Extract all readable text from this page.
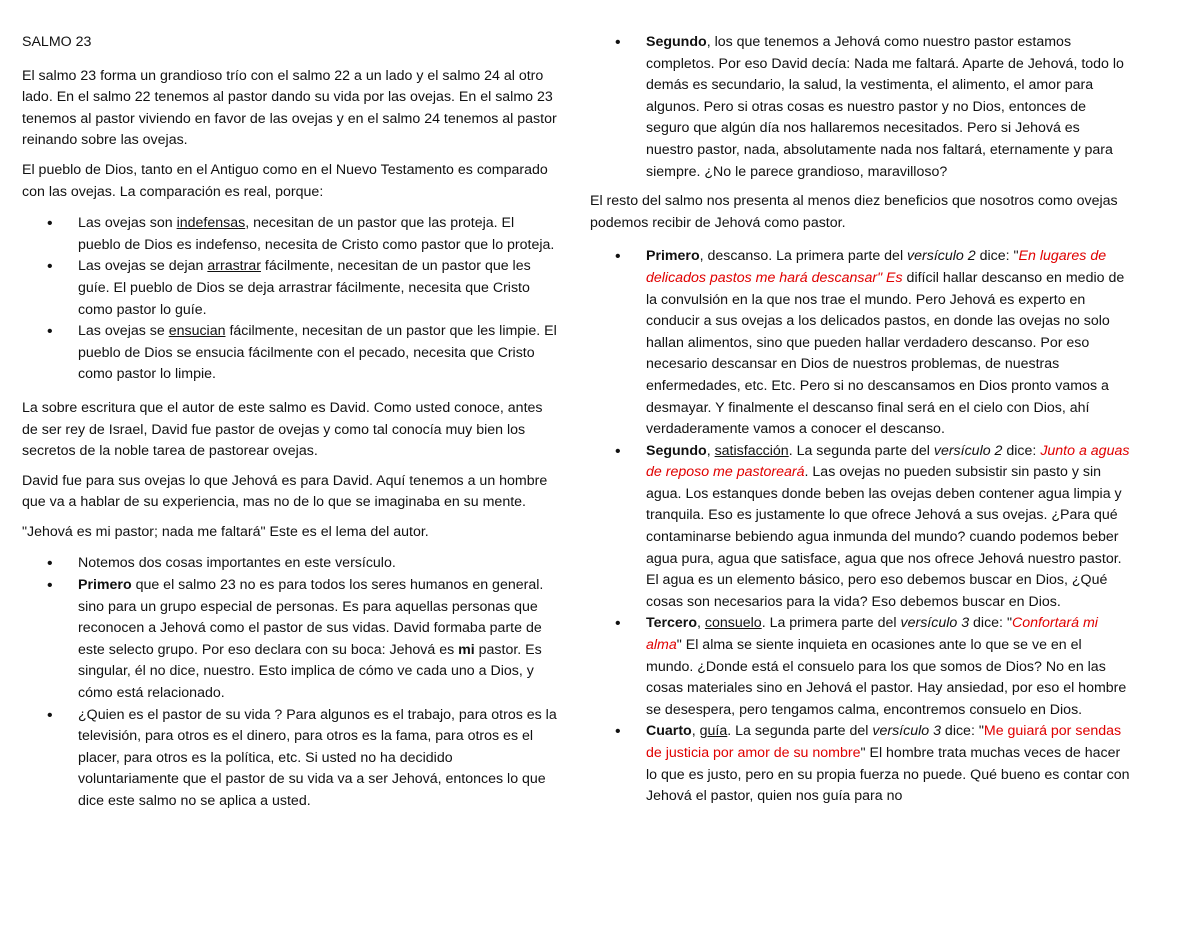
SALMO 23

El salmo 23 forma un grandioso trío con el salmo 22 a un lado y el salmo 24 al otro lado. En el salmo 22 tenemos al pastor dando su vida por las ovejas. En el salmo 23 tenemos al pastor viviendo en favor de las ovejas y en el salmo 24 tenemos al pastor reinando sobre las ovejas.

El pueblo de Dios, tanto en el Antiguo como en el Nuevo Testamento es comparado con las ovejas. La comparación es real, porque:

• Las ovejas son indefensas, necesitan de un pastor que las proteja. El pueblo de Dios es indefenso, necesita de Cristo como pastor que lo proteja.
• Las ovejas se dejan arrastrar fácilmente, necesitan de un pastor que les guíe. El pueblo de Dios se deja arrastrar fácilmente, necesita que Cristo como pastor lo guíe.
• Las ovejas se ensucian fácilmente, necesitan de un pastor que les limpie. El pueblo de Dios se ensucia fácilmente con el pecado, necesita que Cristo como pastor lo limpie.

La sobre escritura que el autor de este salmo es David. Como usted conoce, antes de ser rey de Israel, David fue pastor de ovejas y como tal conocía muy bien los secretos de la noble tarea de pastorear ovejas.

David fue para sus ovejas lo que Jehová es para David. Aquí tenemos a un hombre que va a hablar de su experiencia, mas no de lo que se imaginaba en su mente.

"Jehová es mi pastor; nada me faltará" Este es el lema del autor.

• Notemos dos cosas importantes en este versículo.
• Primero que el salmo 23 no es para todos los seres humanos en general. sino para un grupo especial de personas. Es para aquellas personas que reconocen a Jehová como el pastor de sus vidas. David formaba parte de este selecto grupo. Por eso declara con su boca: Jehová es mi pastor. Es singular, él no dice, nuestro. Esto implica de cómo ve cada uno a Dios, y cómo está relacionado.
• ¿Quien es el pastor de su vida ? Para algunos es el trabajo, para otros es la televisión, para otros es el dinero, para otros es la fama, para otros es el placer, para otros es la política, etc. Si usted no ha decidido voluntariamente que el pastor de su vida va a ser Jehová, entonces lo que dice este salmo no se aplica a usted.
• Segundo, los que tenemos a Jehová como nuestro pastor estamos completos. Por eso David decía: Nada me faltará. Aparte de Jehová, todo lo demás es secundario, la salud, la vestimenta, el alimento, el amor para algunos. Pero si otras cosas es nuestro pastor y no Dios, entonces de seguro que algún día nos hallaremos necesitados. Pero si Jehová es nuestro pastor, nada, absolutamente nada nos faltará, eternamente y para siempre. ¿No le parece grandioso, maravilloso?

El resto del salmo nos presenta al menos diez beneficios que nosotros como ovejas podemos recibir de Jehová como pastor.

• Primero, descanso. La primera parte del versículo 2 dice: "En lugares de delicados pastos me hará descansar" Es difícil hallar descanso en medio de la convulsión en la que nos trae el mundo. Pero Jehová es experto en conducir a sus ovejas a los delicados pastos, en donde las ovejas no solo hallan alimentos, sino que pueden hallar verdadero descanso. Por eso necesario descansar en Dios de nuestros problemas, de nuestras enfermedades, etc. Etc. Pero si no descansamos en Dios pronto vamos a desmayar. Y finalmente el descanso final será en el cielo con Dios, ahí verdaderamente vamos a conocer el descanso.
• Segundo, satisfacción. La segunda parte del versículo 2 dice: Junto a aguas de reposo me pastoreará. Las ovejas no pueden subsistir sin pasto y sin agua. Los estanques donde beben las ovejas deben contener agua limpia y tranquila. Eso es justamente lo que ofrece Jehová a sus ovejas. ¿Para qué contaminarse bebiendo agua inmunda del mundo? cuando podemos beber agua pura, agua que satisface, agua que nos ofrece Jehová nuestro pastor. El agua es un elemento básico, pero eso debemos buscar en Dios, ¿Qué cosas son necesarios para la vida? Eso debemos buscar en Dios.
• Tercero, consuelo. La primera parte del versículo 3 dice: "Confortará mi alma" El alma se siente inquieta en ocasiones ante lo que se ve en el mundo. ¿Donde está el consuelo para los que somos de Dios? No en las cosas materiales sino en Jehová el pastor. Hay ansiedad, por eso el hombre se desespera, pero tengamos calma, encontremos consuelo en Dios.
• Cuarto, guía. La segunda parte del versículo 3 dice: "Me guiará por sendas de justicia por amor de su nombre" El hombre trata muchas veces de hacer lo que es justo, pero en su propia fuerza no puede. Qué bueno es contar con Jehová el pastor, quien nos guía para no
